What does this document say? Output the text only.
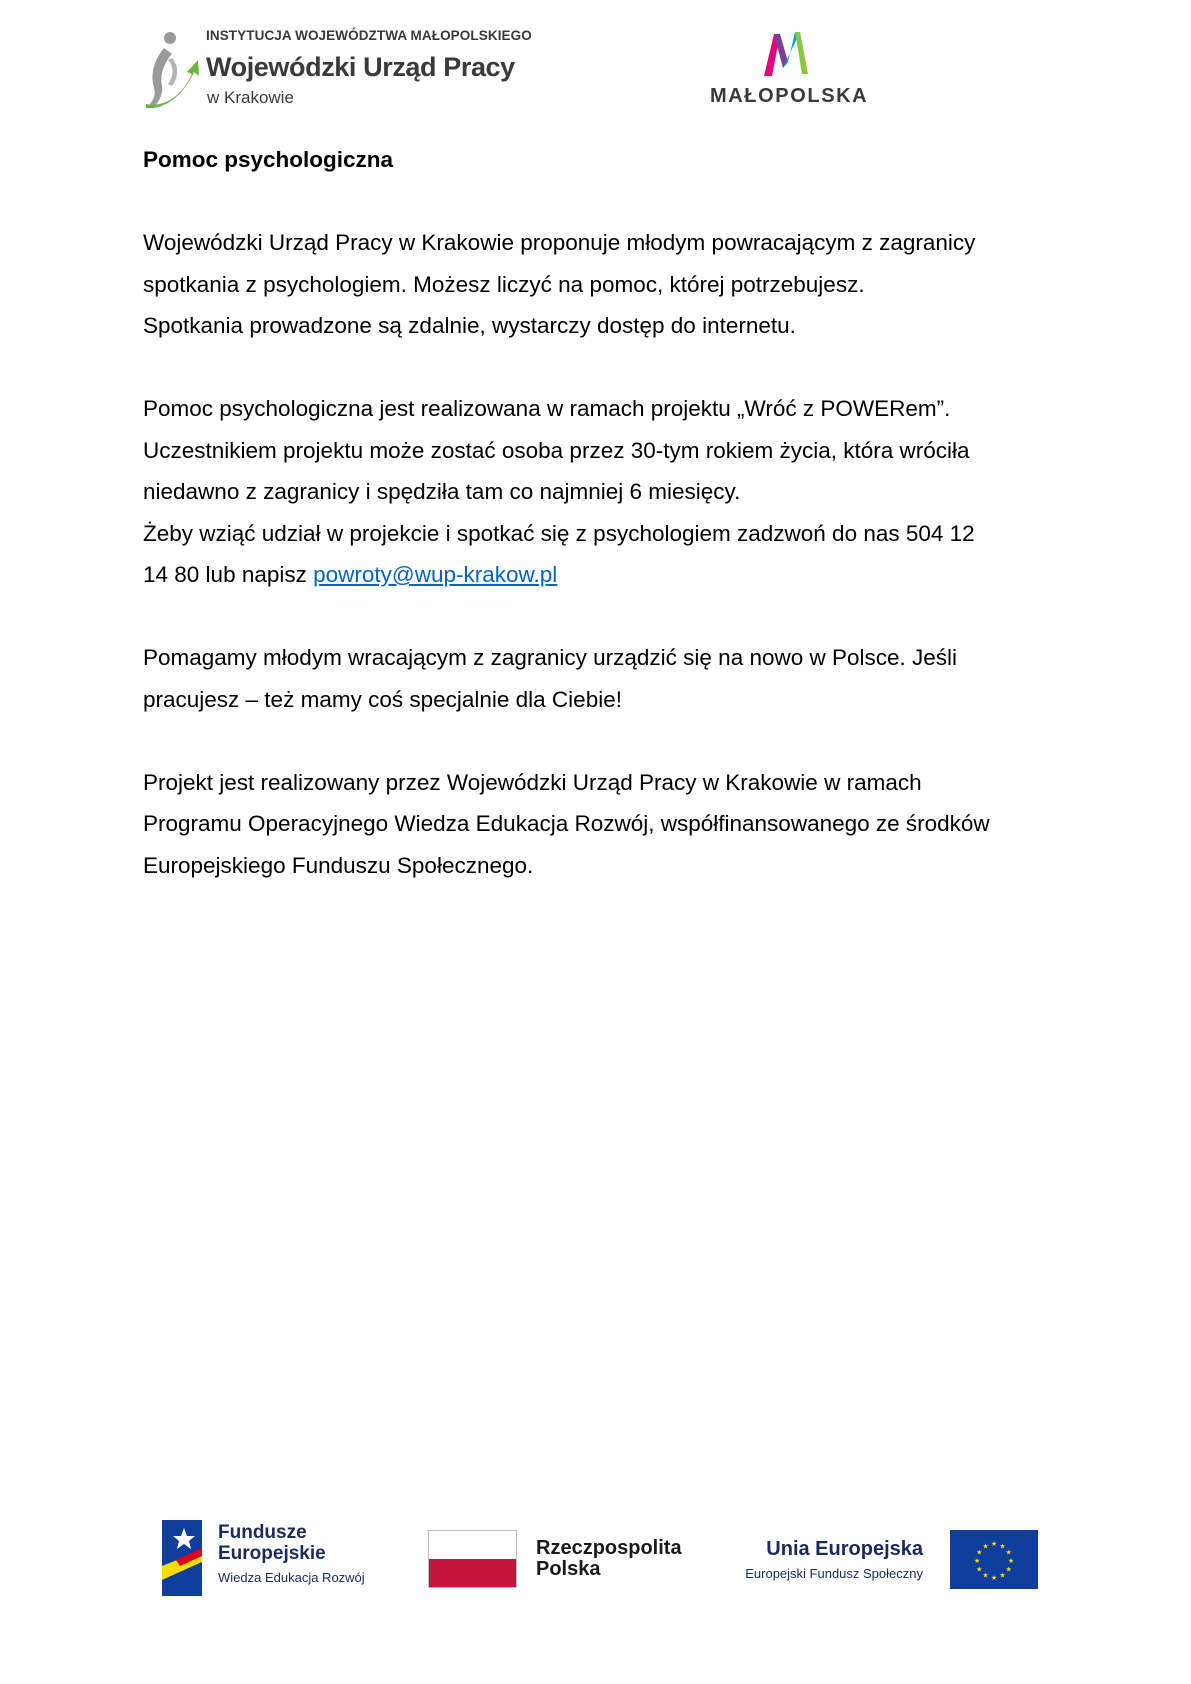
INSTYTUCJA WOJEWÓDZTWA MAŁOPOLSKIEGO
Wojewódzki Urząd Pracy
w Krakowie	MAŁOPOLSKA
Pomoc psychologiczna

Wojewódzki Urząd Pracy w Krakowie proponuje młodym powracającym z zagranicy
spotkania z psychologiem. Możesz liczyć na pomoc, której potrzebujesz.
Spotkania prowadzone są zdalnie, wystarczy dostęp do internetu.

Pomoc psychologiczna jest realizowana w ramach projektu „Wróć z POWERem”.
Uczestnikiem projektu może zostać osoba przez 30-tym rokiem życia, która wróciła
niedawno z zagranicy i spędziła tam co najmniej 6 miesięcy.
Żeby wziąć udział w projekcie i spotkać się z psychologiem zadzwoń do nas 504 12
14 80 lub napisz powroty@wup-krakow.pl

Pomagamy młodym wracającym z zagranicy urządzić się na nowo w Polsce. Jeśli
pracujesz – też mamy coś specjalnie dla Ciebie!

Projekt jest realizowany przez Wojewódzki Urząd Pracy w Krakowie w ramach
Programu Operacyjnego Wiedza Edukacja Rozwój, współfinansowanego ze środków
Europejskiego Funduszu Społecznego.

Fundusze
Europejskie
Wiedza Edukacja Rozwój
Rzeczpospolita
Polska
Unia Europejska
Europejski Fundusz Społeczny
★ ★
★
★
★
★
★
★
★
★
★
★
